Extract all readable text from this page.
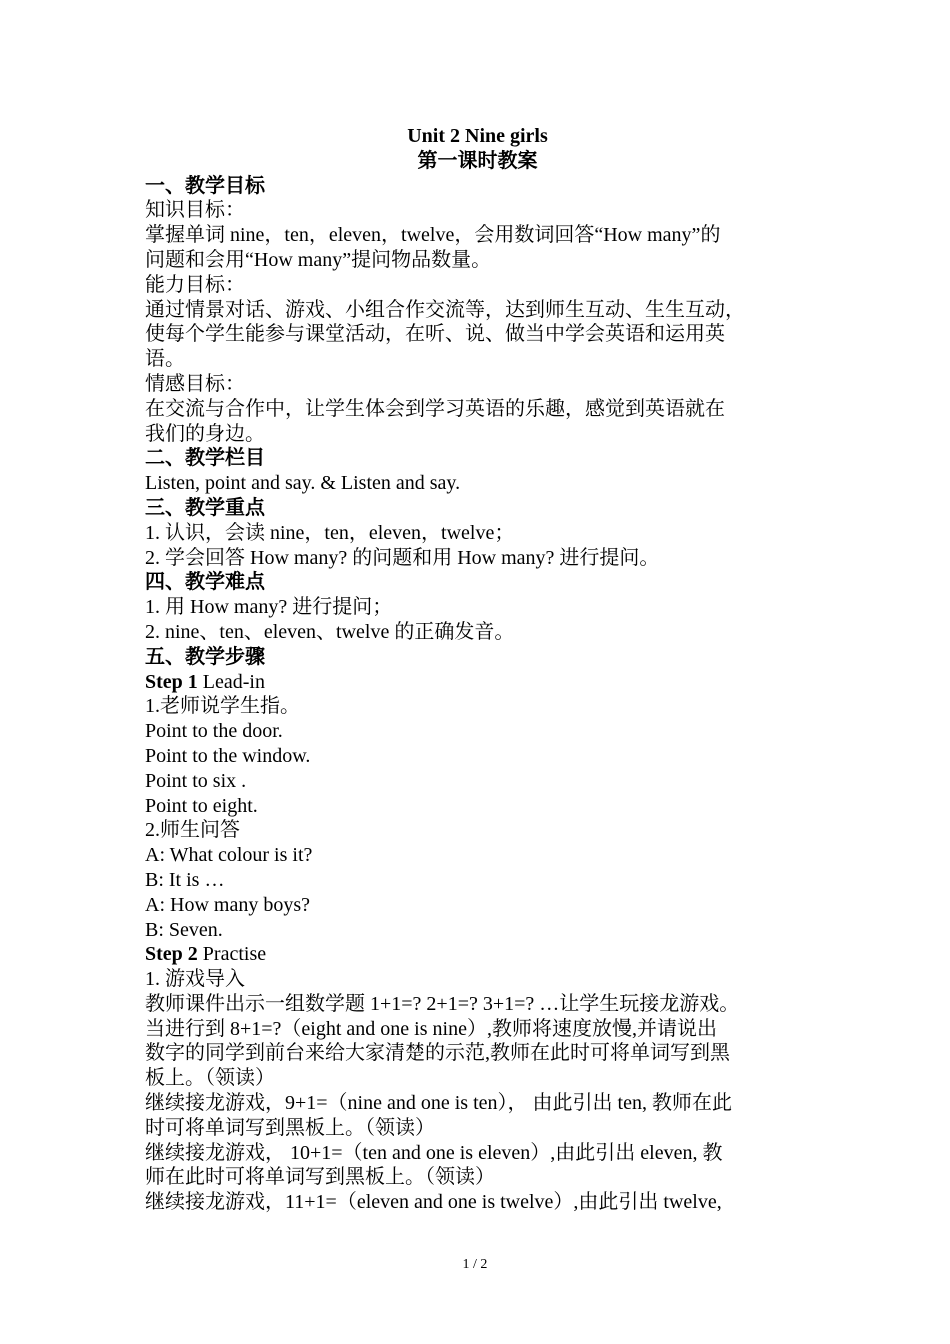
Unit 2 Nine girls
第一课时教案
一、教学目标
知识目标：
掌握单词 nine，ten，eleven，twelve，会用数词回答“How many”的
问题和会用“How many”提问物品数量。
能力目标：
通过情景对话、游戏、小组合作交流等，达到师生互动、生生互动，
使每个学生能参与课堂活动，在听、说、做当中学会英语和运用英
语。
情感目标：
在交流与合作中，让学生体会到学习英语的乐趣，感觉到英语就在
我们的身边。
二、教学栏目
Listen, point and say. & Listen and say.
三、教学重点
1. 认识，会读 nine，ten，eleven，twelve；
2. 学会回答 How many? 的问题和用 How many? 进行提问。
四、教学难点
1. 用 How many? 进行提问；
2. nine、ten、eleven、twelve 的正确发音。
五、教学步骤
Step 1 Lead-in
1.老师说学生指。
Point to the door.
Point to the window.
Point to six .
Point to eight.
2.师生问答
A: What colour is it?
B: It is …
A: How many boys?
B: Seven.
Step 2 Practise
1. 游戏导入
教师课件出示一组数学题 1+1=? 2+1=? 3+1=? …让学生玩接龙游戏。
当进行到 8+1=?（eight and one is nine）,教师将速度放慢,并请说出
数字的同学到前台来给大家清楚的示范,教师在此时可将单词写到黑
板上。（领读）
继续接龙游戏，9+1=（nine and one is ten）， 由此引出 ten, 教师在此
时可将单词写到黑板上。（领读）
继续接龙游戏， 10+1=（ten and one is eleven）,由此引出 eleven, 教
师在此时可将单词写到黑板上。（领读）
继续接龙游戏，11+1=（eleven and one is twelve）,由此引出 twelve,
1 / 2
